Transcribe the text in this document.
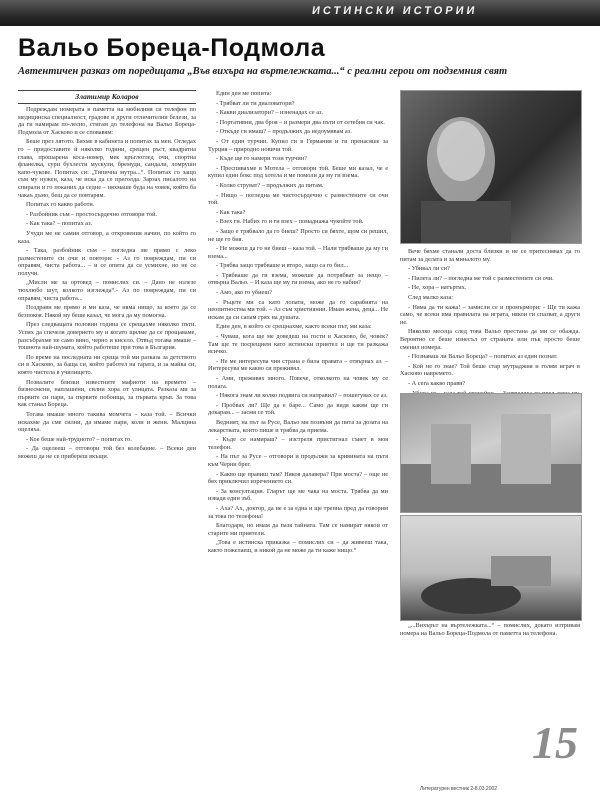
ИСТИНСКИ ИСТОРИИ
Вальо Бореца-Подмола
Автентичен разказ от поредицата „Във вихъра на въртележката...“ с реални герои от подземния свят
Златимир Коларов

Подреждам номерата в паметта на мобилния си телефон по медицинска специалност, градове и други отличителни белези, за да ги намирам по-лесно, стигам до телефона на Вальо Бореца-Подмола от Хасково и се сповавям:

Беше през лятото. Бяхме в кабинета и попитах за мен. Огледах го – придоставите й няколко години, срещен ръст, квадратна глава, прошарена коса-номер, мек кръглоглед очи, спортна фланелка, сури бухлести мускули, бремуди, сандали, ломрушн капо-чукове. Попитах си: „Типична мутра...“. Попитах го защо съм му нужен, каза, че иска да се преголда. Зарзах писалото на спирали и го поканих да седне – няхмаше буда на човек, който ба чакаъ дъмо, беш да се повтарям.

Попитах го какво работи.

- Разбойник съм – простосърдечно отговори той.

- Как така? – попитах аз.

Учуди ме не самия отговор, а откровения начин, по който го каза.

- Така, разбойник съм – погледна ме прямо с леко разместените си очи и повтори: - Аз го повреждам, пи си оправям, чиста работа... – и се опита да се усмихне, но не се получи.

„Мисли ме за ортовед – помислих си. – Дано не излезе тюхлюбо шут, колкото изглежда“.- Аз по повреждам, пи си оправям, чиста работа...

Поздрави ме прямо и ми каза, че няма нищо, за което да се безпокоя. Някой му беше казал, че мога да му помогна.

През следващата половин година се срещахме няколко пъти. Успях да спечеля доверието му и когато щялме да се прощаваме, разсъбрахме не само вино, черно и кисело. Отвъд тогава имаше – тошнота най-шумата, който работеше при това в България.

По време на последната ни среща той ми разказа за детството си в Хасково, за баща си, който работел на гарата, и за майка си, която чистела в училището.

Позвалите близки известните мафиоти на времето – бизнесмени, наплашени, силни хора от улицата. Разказа ми за първите си пари, за първите побоища, за първата кръв. За това как станал Бореца.

Тогава имаше много такива момчета – каза той. – Всички искахме да сме силни, да имаме пари, коли и жени. Малцина оцеляха.

- Кое беше най-трудното? – попитах го.

- Да оцелееш – отговори той без колебание. – Всеки ден можеш да не се прибереш вкъщи.

Един ден ме попита:

- Трябват ли ти диаловатори?

- Какви диализатори? – изненадах се аз.

- Портативни, два броя – и размери два пъти от сетебия си чак.

- Откъде ги имаш? – продължих да недоумявам аз.

- От един турчин. Купил ги в Германия и ги пренасяше за Турция – природно новичи той.

- Къде ще го намери този турчин?

- Преспивахме в Мотела – отговори той. Беше ми казал, че е купил един бокс под хотела и ме помоли да му ги взема.

- Колко струват? – продължих да питам.

- Нищо – погледна ме чистосърдечно с разместените си очи той.

- Как така?

- Взех ги. Набих го и ги взех – помаднажа чукойте той.

- Защо е трябвало да го биеш? Просто си бяхте, щом си решил, не ще го бия.

- Не можеш да го не биеш – каза той. – Нали трябваше да му ги взема...

- Трябва защо трябваше и второ, защо са го бил...

- Трябваше да ги взема, можеше да потрябват за нещо – отвърна Вальо. – И каза ще му ги взема, ако не го набия?

- Амо, ако го убиеш?

- Ръцете ми са като лопати, може да го сарабията на неопитностма ми той. – Аз съм християнин. Имам жена, деца... Не искам да си сапам грях на душата.

Един ден, в който се срещнахме, както всеки път, ми каза:

- Чуваш, кога ще ме доведеш на гости в Хасково, бе, човек? Там ще те посрещнем като истински приятел и ще ти разкажа всичко.

- Не ме интересува чия страна е била правата – отвърнах аз. – Интересува ме какво си преживял.

- Ами, преживях много. Повече, отколкото на човек му се полага.

- Някога знам ли колко подвига си направил? – пошегувах се аз.

- Пробвах ли? Ще да е баре... Само да видя какви ще ги докарам... – засмя се той.

Ведният, на път за Русе, Вальо ми позвъни да пита за дозата на лекарствата, които пише и трябва да приема.

- Къде се намираш? – изстреля пристигнал съвет в моя телефон.

- На път за Русе – отговори и продължи за кривината на пътя към Черни брег.

- Какво ще правиш там? Някоя далавера? При моста? – още не бях приключил изречението си.

- За консултация. Гларът ще ме чака на моста. Трябва да ми извадя един зъб.

- Аха? Ах, доктор, да не е за една и ще трепна пред да говорим за това по телефона!

Благодаря, но имам да пазя тайната. Там се намират някои от старите ми приятели.

„Това е истинска приказка – помислих си – да живееш така, както пожелаеш, и никой да не може да ти каже нищо.“

Вече бяхме станали доста близки и не се притеснявах да го питам за делата и за миналото му.

- Убивал ли си?

- Пилета ли? – погледна ме той с разместените си очи.

- Не, хора – натъртих.

След малко каза:

- Няма да ти кажа! – замисли се и промърмори: - Ще ти кажа само, че всеки има правилата на играта, някои ги спазват, а други не.

Няколко месеца след това Вальо престана да ми се обажда. Вероятно се беше изнесъл от страната или пък просто беше сменил номера.

- Познаваш ли Вальо Бореца? – попитах аз един познат.

- Кой не го знае? Той беше стар мутраджия и голям играч в Хасково навремето.

- А сега какво прави?

„...Вихърът на въртележката...“ – помислих, докато изтривам номера на Вальо Бореца-Подмола от паметта на телефона.

15
Литературен вестник 2-8.03.2002
